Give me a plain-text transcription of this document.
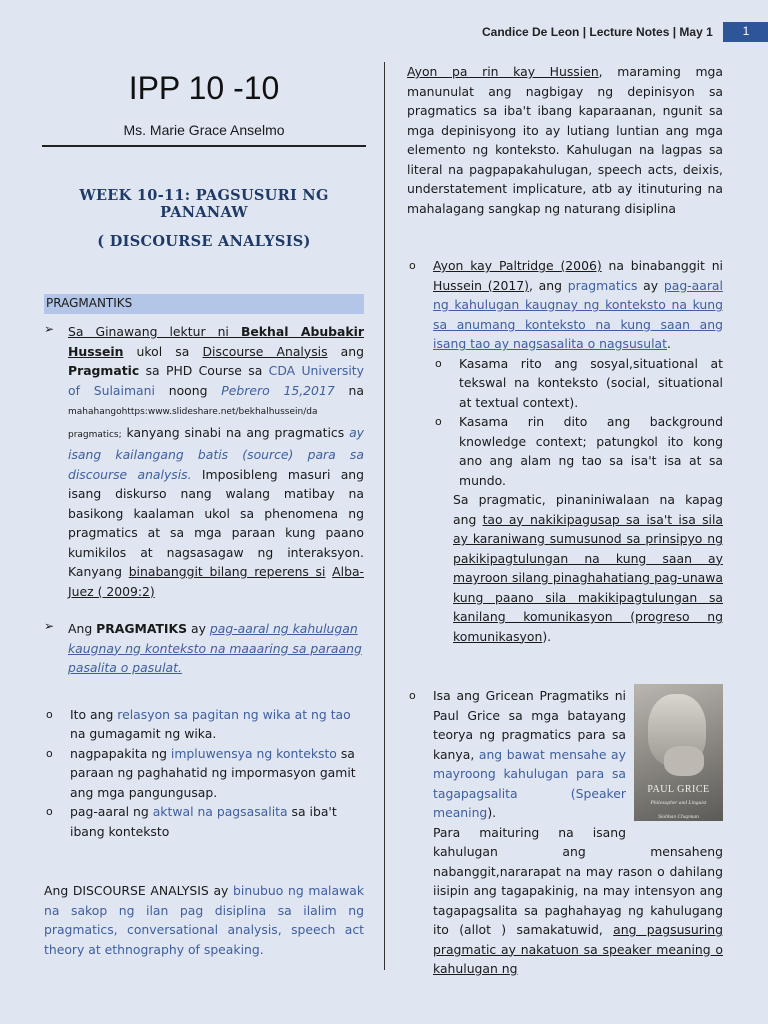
Candice De Leon | Lecture Notes | May 1	1
IPP 10 -10
Ms. Marie Grace Anselmo
WEEK 10-11: PAGSUSURI NG PANANAW
( DISCOURSE ANALYSIS)
PRAGMANTIKS
➢ Sa Ginawang lektur ni Bekhal Abubakir Hussein ukol sa Discourse Analysis ang Pragmatic sa PHD Course sa CDA University of Sulaimani noong Pebrero 15,2017 na mahahangohttps:www.slideshare.net/bekhalhussein/da pragmatics; kanyang sinabi na ang pragmatics ay isang kailangang batis (source) para sa discourse analysis. Imposibleng masuri ang isang diskurso nang walang matibay na basikong kaalaman ukol sa phenomena ng pragmatics at sa mga paraan kung paano kumikilos at nagsasagaw ng interaksyon. Kanyang binabanggit bilang reperens si Alba-Juez ( 2009:2)

➢ Ang PRAGMATIKS ay pag-aaral ng kahulugan kaugnay ng konteksto na maaaring sa paraang pasalita o pasulat.

o Ito ang relasyon sa pagitan ng wika at ng tao na gumagamit ng wika.
o nagpapakita ng impluwensya ng konteksto sa paraan ng paghahatid ng impormasyon gamit ang mga pangungusap.
o pag-aaral ng aktwal na pagsasalita sa iba't ibang konteksto

Ang DISCOURSE ANALYSIS ay binubuo ng malawak na sakop ng ilan pag disiplina sa ilalim ng pragmatics, conversational analysis, speech act theory at ethnography of speaking.

Ayon pa rin kay Hussien, maraming mga manunulat ang nagbigay ng depinisyon sa pragmatics sa iba't ibang kaparaanan, ngunit sa mga depinisyong ito ay lutiang luntian ang mga elemento ng konteksto. Kahulugan na lagpas sa literal na pagpapakahulugan, speech acts, deixis, understatement implicature, atb ay itinuturing na mahalagang sangkap ng naturang disiplina

o Ayon kay Paltridge (2006) na binabanggit ni Hussein (2017), ang pragmatics ay pag-aaral ng kahulugan kaugnay ng konteksto na kung sa anumang konteksto na kung saan ang isang tao ay nagsasalita o nagsusulat.
o Kasama rito ang sosyal,situational at tekswal na konteksto (social, situational at textual context).
o Kasama rin dito ang background knowledge context; patungkol ito kong ano ang alam ng tao sa isa't isa at sa mundo.

Sa pragmatic, pinaniniwalaan na kapag ang tao ay nakikipagusap sa isa't isa sila ay karaniwang sumusunod sa prinsipyo ng pakikipagtulungan na kung saan ay mayroon silang pinaghahatiang pag-unawa kung paano sila makikipagtulungan sa kanilang komunikasyon (progreso ng komunikasyon).

o
PAUL GRICE
Philosopher and Linguist
Siobhan Chapman
Isa ang Gricean Pragmatiks ni Paul Grice sa mga batayang teorya ng pragmatics para sa kanya, ang bawat mensahe ay mayroong kahulugan para sa tagapagsalita (Speaker meaning).

Para maituring na isang kahulugan ang mensaheng nabanggit,nararapat na may rason o dahilang iisipin ang tagapakinig, na may intensyon ang tagapagsalita sa paghahayag ng kahulugang ito (allot ) samakatuwid, ang pagsusuring pragmatic ay nakatuon sa speaker meaning o kahulugan ng
